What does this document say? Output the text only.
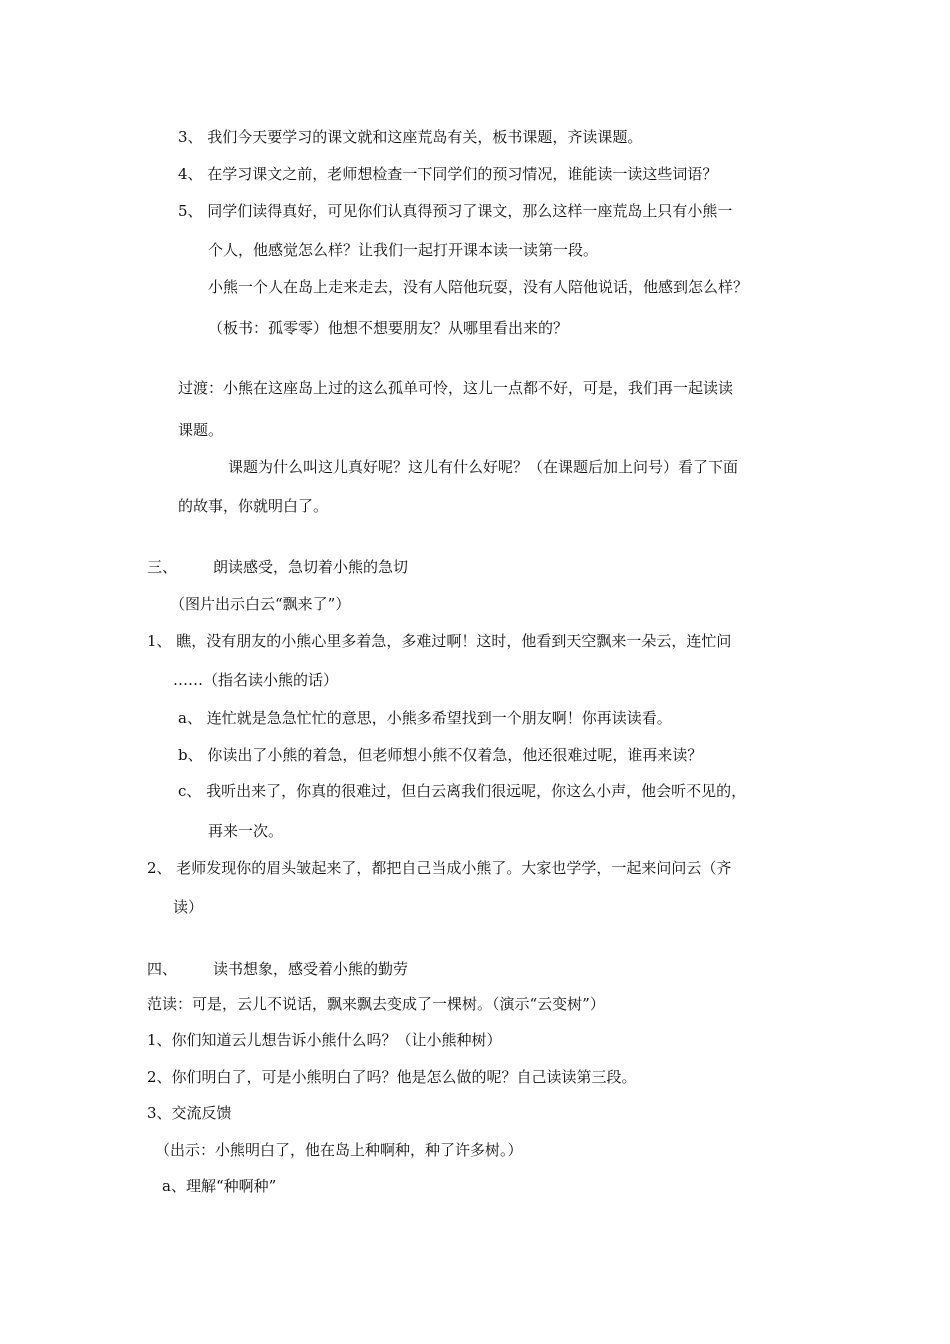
3、 我们今天要学习的课文就和这座荒岛有关，板书课题，齐读课题。
4、 在学习课文之前，老师想检查一下同学们的预习情况，谁能读一读这些词语？
5、 同学们读得真好，可见你们认真得预习了课文，那么这样一座荒岛上只有小熊一
个人，他感觉怎么样？让我们一起打开课本读一读第一段。
小熊一个人在岛上走来走去，没有人陪他玩耍，没有人陪他说话，他感到怎么样？
（板书：孤零零）他想不想要朋友？从哪里看出来的？
过渡：小熊在这座岛上过的这么孤单可怜，这儿一点都不好，可是，我们再一起读读
课题。
课题为什么叫这儿真好呢？这儿有什么好呢？（在课题后加上问号）看了下面
的故事，你就明白了。
三、 朗读感受，急切着小熊的急切
（图片出示白云“飘来了”）
1、 瞧，没有朋友的小熊心里多着急，多难过啊！这时，他看到天空飘来一朵云，连忙问
……（指名读小熊的话）
a、 连忙就是急急忙忙的意思，小熊多希望找到一个朋友啊！你再读读看。
b、 你读出了小熊的着急，但老师想小熊不仅着急，他还很难过呢，谁再来读？
c、 我听出来了，你真的很难过，但白云离我们很远呢，你这么小声，他会听不见的，
再来一次。
2、 老师发现你的眉头皱起来了，都把自己当成小熊了。大家也学学，一起来问问云（齐
读）
四、 读书想象，感受着小熊的勤劳
范读：可是，云儿不说话，飘来飘去变成了一棵树。（演示“云变树”）
1、你们知道云儿想告诉小熊什么吗？（让小熊种树）
2、你们明白了，可是小熊明白了吗？他是怎么做的呢？自己读读第三段。
3、交流反馈
（出示：小熊明白了，他在岛上种啊种，种了许多树。）
a、理解“种啊种”
